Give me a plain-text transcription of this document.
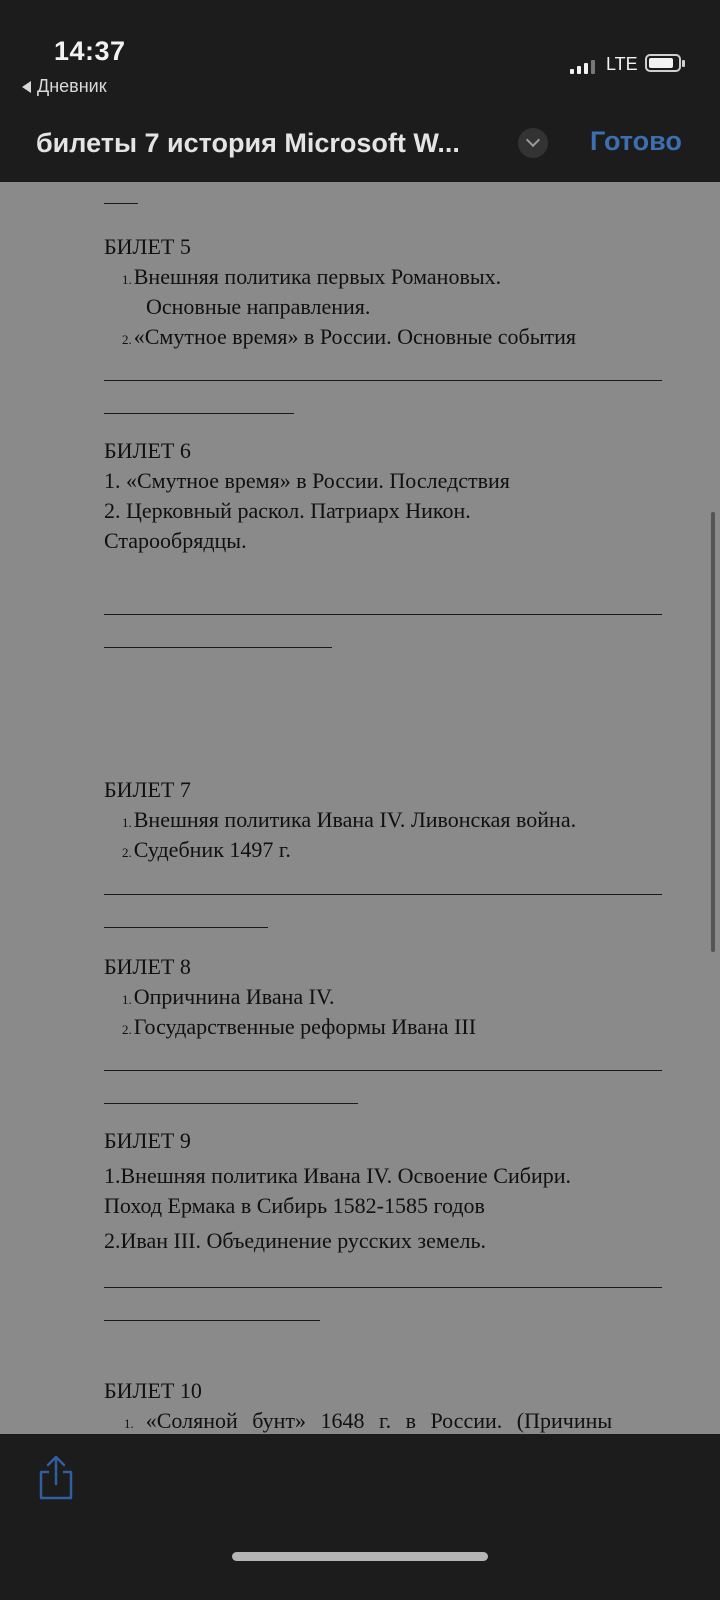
14:37
Дневник
LTE
билеты 7 история Microsoft W...	Готово
БИЛЕТ 5
1.Внешняя политика первых Романовых.
Основные направления.
2.«Смутное время» в России. Основные события
БИЛЕТ 6
1. «Смутное время» в России. Последствия
2. Церковный раскол. Патриарх Никон.
Старообрядцы.
БИЛЕТ 7
1.Внешняя политика Ивана IV. Ливонская война.
2.Судебник 1497 г.
БИЛЕТ 8
1.Опричнина Ивана IV.
2.Государственные реформы Ивана III
БИЛЕТ 9
1.Внешняя политика Ивана IV. Освоение Сибири.
Поход Ермака в Сибирь 1582-1585 годов
2.Иван III. Объединение русских земель.
БИЛЕТ 10
1. «Соляной бунт» 1648 г. в России. (Причины
